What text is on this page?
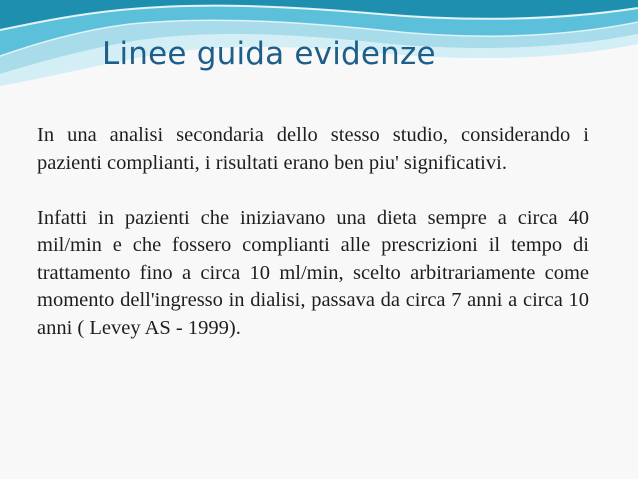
Linee guida evidenze

In una analisi secondaria dello stesso studio, considerando i pazienti complianti, i risultati erano ben piu' significativi.

Infatti in pazienti che iniziavano una dieta sempre a circa 40 mil/min e che fossero complianti alle prescrizioni il tempo di trattamento fino a circa 10 ml/min, scelto arbitrariamente come momento dell'ingresso in dialisi, passava da circa 7 anni a circa 10 anni ( Levey AS - 1999).
